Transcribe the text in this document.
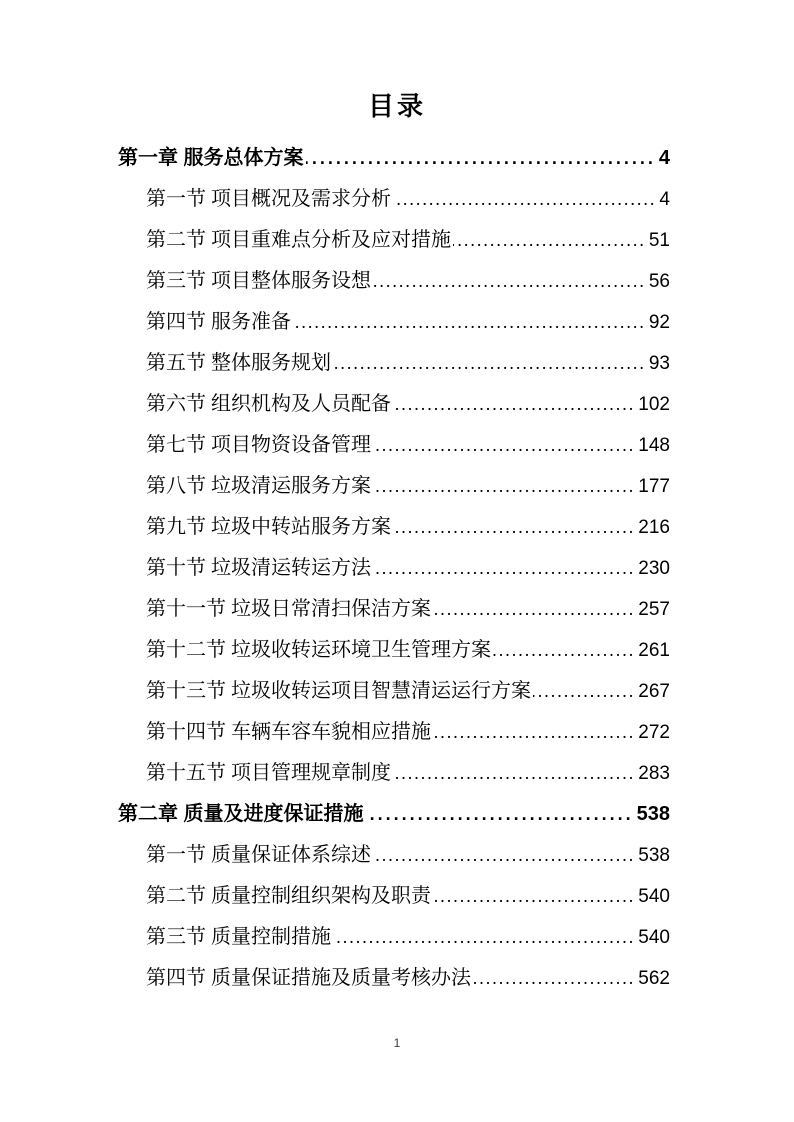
目录
第一章 服务总体方案 .....	4
第一节 项目概况及需求分析 .....	4
第二节 项目重难点分析及应对措施 .....	51
第三节 项目整体服务设想 .....	56
第四节 服务准备 .....	92
第五节 整体服务规划 .....	93
第六节 组织机构及人员配备 .....	102
第七节 项目物资设备管理 .....	148
第八节 垃圾清运服务方案 .....	177
第九节 垃圾中转站服务方案 .....	216
第十节 垃圾清运转运方法 .....	230
第十一节 垃圾日常清扫保洁方案 .....	257
第十二节 垃圾收转运环境卫生管理方案 .....	261
第十三节 垃圾收转运项目智慧清运运行方案 .....	267
第十四节 车辆车容车貌相应措施 .....	272
第十五节 项目管理规章制度 .....	283
第二章 质量及进度保证措施 .....	538
第一节 质量保证体系综述 .....	538
第二节 质量控制组织架构及职责 .....	540
第三节 质量控制措施 .....	540
第四节 质量保证措施及质量考核办法 .....	562
1
